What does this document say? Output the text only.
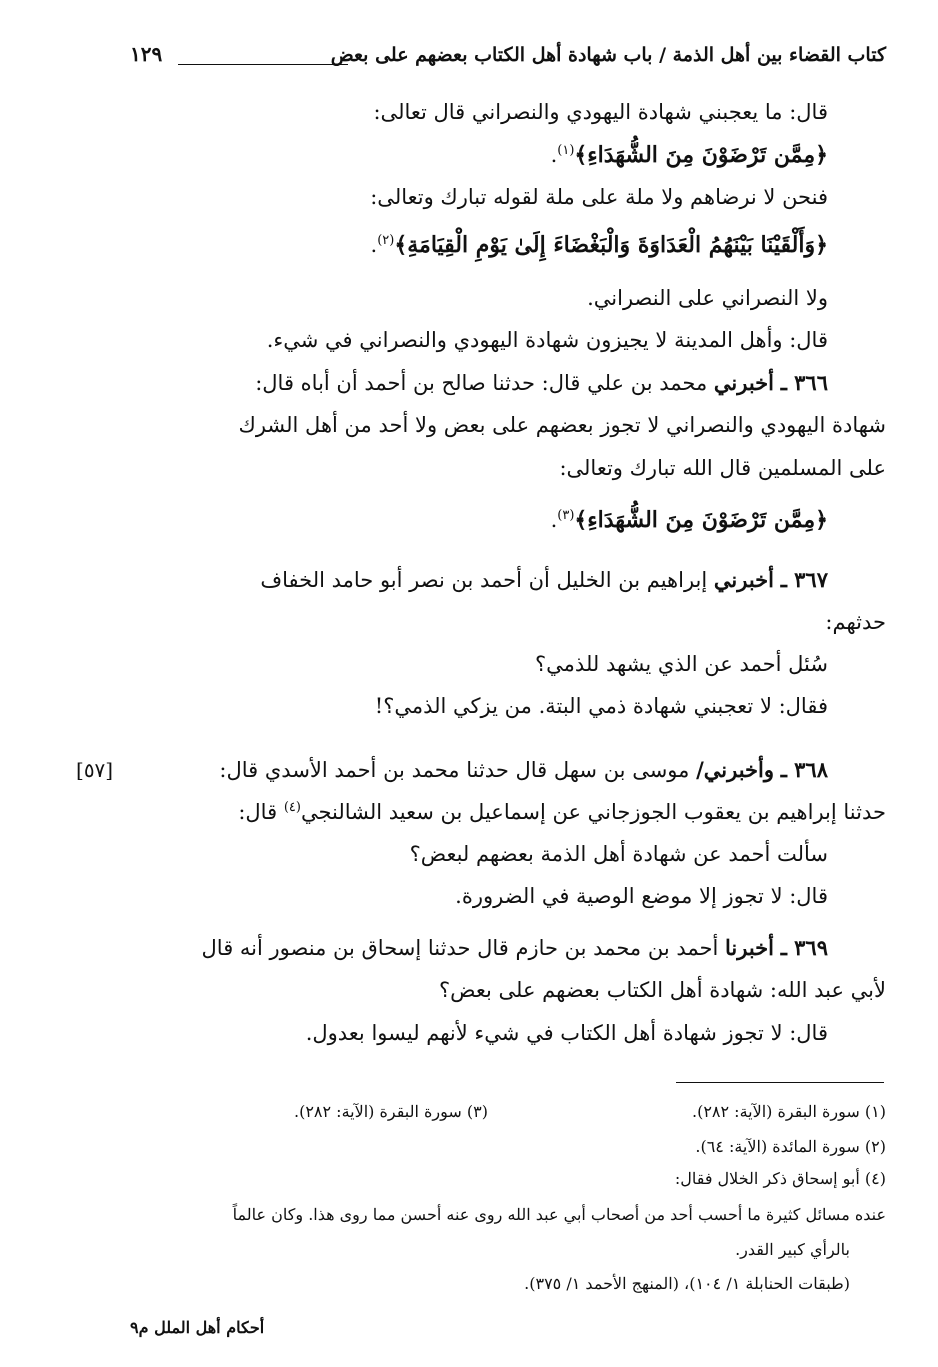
كتاب القضاء بين أهل الذمة / باب شهادة أهل الكتاب بعضهم على بعض
١٢٩
قال: ما يعجبني شهادة اليهودي والنصراني قال تعالى:
﴿مِمَّن تَرْضَوْنَ مِنَ الشُّهَدَاءِ﴾$^{(١)}$.
فنحن لا نرضاهم ولا ملة على ملة لقوله تبارك وتعالى:
﴿وَأَلْقَيْنَا بَيْنَهُمُ الْعَدَاوَةَ وَالْبَغْضَاءَ إِلَىٰ يَوْمِ الْقِيَامَةِ﴾$^{(٢)}$.
ولا النصراني على النصراني.
قال: وأهل المدينة لا يجيزون شهادة اليهودي والنصراني في شيء.
٣٦٦ ـ أخبرني محمد بن علي قال: حدثنا صالح بن أحمد أن أباه قال:
شهادة اليهودي والنصراني لا تجوز بعضهم على بعض ولا أحد من أهل الشرك
على المسلمين قال الله تبارك وتعالى:
﴿مِمَّن تَرْضَوْنَ مِنَ الشُّهَدَاءِ﴾$^{(٣)}$.
٣٦٧ ـ أخبرني إبراهيم بن الخليل أن أحمد بن نصر أبو حامد الخفاف
حدثهم:
سُئل أحمد عن الذي يشهد للذمي؟
فقال: لا تعجبني شهادة ذمي البتة. من يزكي الذمي؟!
٣٦٨ ـ وأخبرني/ موسى بن سهل قال حدثنا محمد بن أحمد الأسدي قال:
[٥٧]
حدثنا إبراهيم بن يعقوب الجوزجاني عن إسماعيل بن سعيد الشالنجي$^{(٤)}$ قال:
سألت أحمد عن شهادة أهل الذمة بعضهم لبعض؟
قال: لا تجوز إلا موضع الوصية في الضرورة.
٣٦٩ ـ أخبرنا أحمد بن محمد بن حازم قال حدثنا إسحاق بن منصور أنه قال
لأبي عبد الله: شهادة أهل الكتاب بعضهم على بعض؟
قال: لا تجوز شهادة أهل الكتاب في شيء لأنهم ليسوا بعدول.
(١) سورة البقرة (الآية: ٢٨٢).
(٣) سورة البقرة (الآية: ٢٨٢).
(٢) سورة المائدة (الآية: ٦٤).
(٤) أبو إسحاق ذكر الخلال فقال:
عنده مسائل كثيرة ما أحسب أحد من أصحاب أبي عبد الله روى عنه أحسن مما روى هذا. وكان عالماً
بالرأي كبير القدر.
(طبقات الحنابلة ١/ ١٠٤)، (المنهج الأحمد ١/ ٣٧٥).
أحكام أهل الملل م٩
